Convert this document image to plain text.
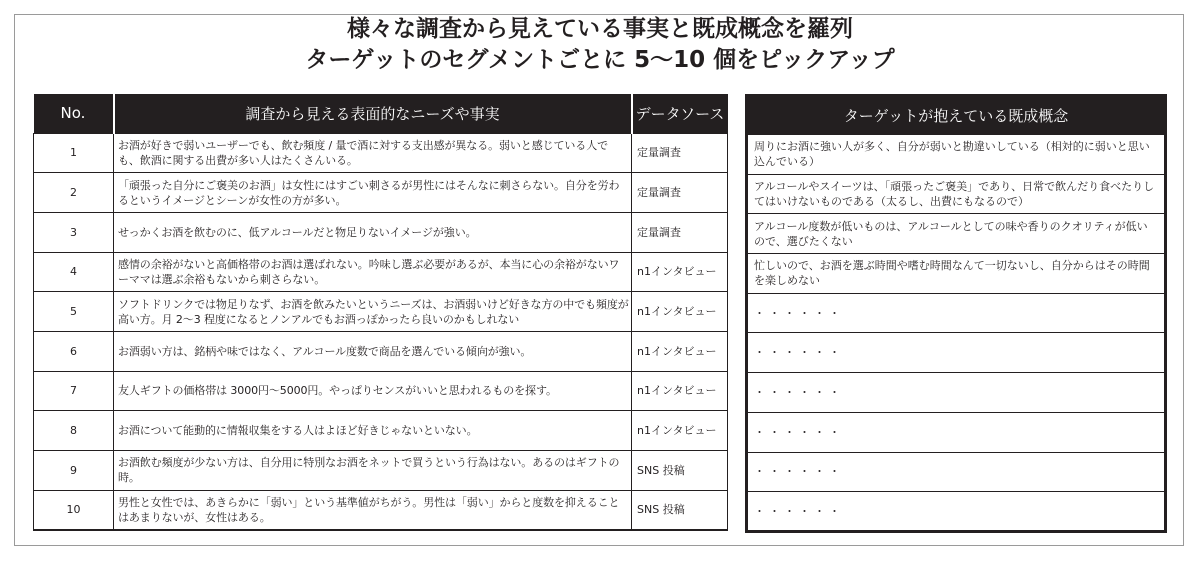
様々な調査から見えている事実と既成概念を羅列
ターゲットのセグメントごとに 5〜10 個をピックアップ
No.	調査から見える表面的なニーズや事実	データソース
1	お酒が好きで弱いユーザーでも、飲む頻度 / 量で酒に対する支出感が異なる。弱いと感じている人でも、飲酒に関する出費が多い人はたくさんいる。	定量調査
2	「頑張った自分にご褒美のお酒」は女性にはすごい刺さるが男性にはそんなに刺さらない。自分を労わるというイメージとシーンが女性の方が多い。	定量調査
3	せっかくお酒を飲むのに、低アルコールだと物足りないイメージが強い。	定量調査
4	感情の余裕がないと高価格帯のお酒は選ばれない。吟味し選ぶ必要があるが、本当に心の余裕がないワーママは選ぶ余裕もないから刺さらない。	n1インタビュー
5	ソフトドリンクでは物足りなず、お酒を飲みたいというニーズは、お酒弱いけど好きな方の中でも頻度が高い方。月 2〜3 程度になるとノンアルでもお酒っぽかったら良いのかもしれない	n1インタビュー
6	お酒弱い方は、銘柄や味ではなく、アルコール度数で商品を選んでいる傾向が強い。	n1インタビュー
7	友人ギフトの価格帯は 3000円〜5000円。やっぱりセンスがいいと思われるものを探す。	n1インタビュー
8	お酒について能動的に情報収集をする人はよほど好きじゃないといない。	n1インタビュー
9	お酒飲む頻度が少ない方は、自分用に特別なお酒をネットで買うという行為はない。あるのはギフトの時。	SNS 投稿
10	男性と女性では、あきらかに「弱い」という基準値がちがう。男性は「弱い」からと度数を抑えることはあまりないが、女性はある。	SNS 投稿
ターゲットが抱えている既成概念
周りにお酒に強い人が多く、自分が弱いと勘違いしている（相対的に弱いと思い込んでいる）
アルコールやスイーツは、「頑張ったご褒美」であり、日常で飲んだり食べたりしてはいけないものである（太るし、出費にもなるので）
アルコール度数が低いものは、アルコールとしての味や香りのクオリティが低いので、選びたくない
忙しいので、お酒を選ぶ時間や嗜む時間なんて一切ないし、自分からはその時間を楽しめない
・・・・・・
・・・・・・
・・・・・・
・・・・・・
・・・・・・
・・・・・・
